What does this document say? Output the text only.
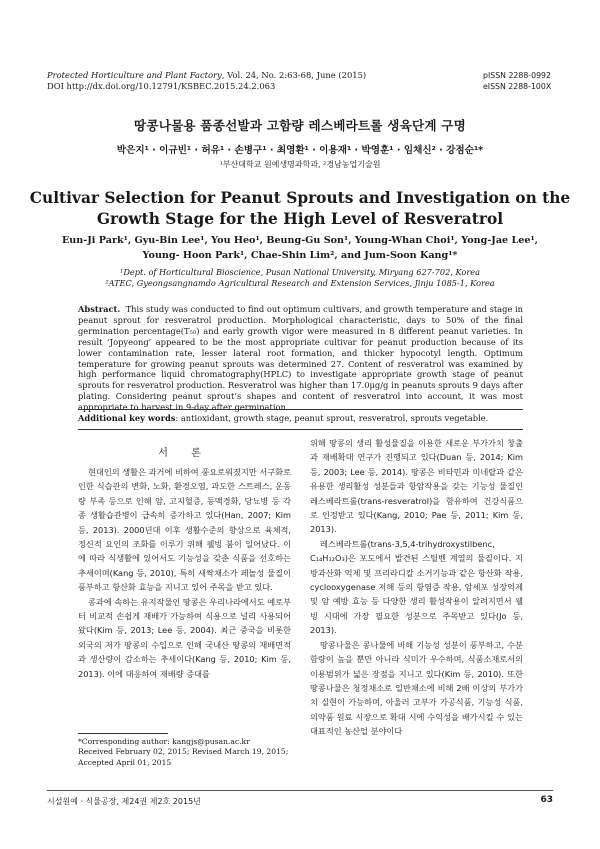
Protected Horticulture and Plant Factory, Vol. 24, No. 2:63-68, June (2015)
DOI http://dx.doi.org/10.12791/KSBEC.2015.24.2.063
pISSN 2288-0992
eISSN 2288-100X
땅콩나물용 품종선발과 고함량 레스베라트롤 생육단계 구명
박은지¹ · 이규빈¹ · 허유¹ · 손병구¹ · 최영환¹ · 이용재¹ · 박영훈¹ · 임채신² · 강점순¹*
¹부산대학교 원예생명과학과, ²경남농업기술원
Cultivar Selection for Peanut Sprouts and Investigation on the
Growth Stage for the High Level of Resveratrol
Eun-Ji Park¹, Gyu-Bin Lee¹, You Heo¹, Beung-Gu Son¹, Young-Whan Choi¹, Yong-Jae Lee¹,
Young- Hoon Park¹, Chae-Shin Lim², and Jum-Soon Kang¹*
¹Dept. of Horticultural Bioscience, Pusan National University, Miryang 627-702, Korea
²ATEC, Gyeongsangnamdo Agricultural Research and Extension Services, Jinju 1085-1, Korea
Abstract. This study was conducted to find out optimum cultivars, and growth temperature and stage in peanut sprout for resveratrol production. Morphological characteristic, days to 50% of the final germination percentage(T₅₀) and early growth vigor were measured in 8 different peanut varieties. In result ‘Jopyeong’ appeared to be the most appropriate cultivar for peanut production because of its lower contamination rate, lesser lateral root formation, and thicker hypocotyl length. Optimum temperature for growing peanut sprouts was determined 27. Content of resveratrol was examined by high performance liquid chromatography(HPLC) to investigate appropriate growth stage of peanut sprouts for resveratrol production. Resveratrol was higher than 17.0μg/g in peanuts sprouts 9 days after plating. Considering peanut sprout’s shapes and content of resveratrol into account, it was most appropriate to harvest in 9-day after germination.
Additional key words: antioxidant, growth stage, peanut sprout, resveratrol, sprouts vegetable.
서 론

현대인의 생활은 과거에 비하여 풍요로워졌지만 서구화로 인한 식습관의 변화, 노화, 환경오염, 과도한 스트레스, 운동량 부족 등으로 인해 암, 고지혈증, 동맥경화, 당뇨병 등 각종 생활습관병이 급속히 증가하고 있다(Han, 2007; Kim 등, 2013). 2000년대 이후 생활수준의 향상으로 육체적, 정신적 요인의 조화를 이루기 위해 웰빙 붐이 일어났다. 이에 따라 식생활에 있어서도 기능성을 갖춘 식품을 선호하는 추세이며(Kang 등, 2010), 특히 새싹채소가 페놀성 물질이 풍부하고 항산화 효능을 지니고 있어 주목을 받고 있다.

콩과에 속하는 유지작물인 땅콩은 우리나라에서도 예로부터 비교적 손쉽게 재배가 가능하여 식용으로 널리 사용되어 왔다(Kim 등, 2013; Lee 등, 2004). 최근 중국을 비롯한 외국의 저가 땅콩의 수입으로 인해 국내산 땅콩의 재배면적과 생산량이 감소하는 추세이다(Kang 등, 2010; Kim 등, 2013). 이에 대응하여 재배량 증대를

위해 땅콩의 생리 활성물질을 이용한 새로운 부가가치 창출과 재배확대 연구가 진행되고 있다(Duan 등, 2014; Kim 등, 2003; Lee 등, 2014). 땅콩은 비타민과 미네랄과 같은 유용한 생리활성 성분들과 항암작용을 갖는 기능성 물질인 레스베라트롤(trans-resveratrol)을 함유하여 건강식품으로 인정받고 있다(Kang, 2010; Pae 등, 2011; Kim 등, 2013).

레스베라트롤(trans-3,5,4-trihydroxystilbenc, C₁₄H₁₂O₃)은 포도에서 발견된 스틸벤 계열의 물질이다. 지방과산화 억제 및 프리라디칼 소거기능과 같은 항산화 작용, cyclooxygenase 저해 등의 항염증 작용, 암세포 성장억제 및 암 예방 효능 등 다양한 생리 활성작용이 알려지면서 웰빙 시대에 가장 필요한 성분으로 주목받고 있다(Jo 등, 2013).

땅콩나물은 콩나물에 비해 기능성 성분이 풍부하고, 수분함량이 높을 뿐만 아니라 식미가 우수하며, 식품소재로서의 이용범위가 넓은 장점을 지니고 있다(Kim 등, 2010). 또한 땅콩나물은 청정채소로 일반채소에 비해 2배 이상의 부가가치 실현이 가능하며, 아울러 고부가 가공식품, 기능성 식품, 의약품 원료 시장으로 확대 시에 수익성을 배가시킬 수 있는 대표적인 농산업 분야이다

*Corresponding author: kangjs@pusan.ac.kr
Received February 02, 2015; Revised March 19, 2015;
Accepted April 01, 2015
시설원예 · 식물공장, 제24권 제2호 2015년	63
